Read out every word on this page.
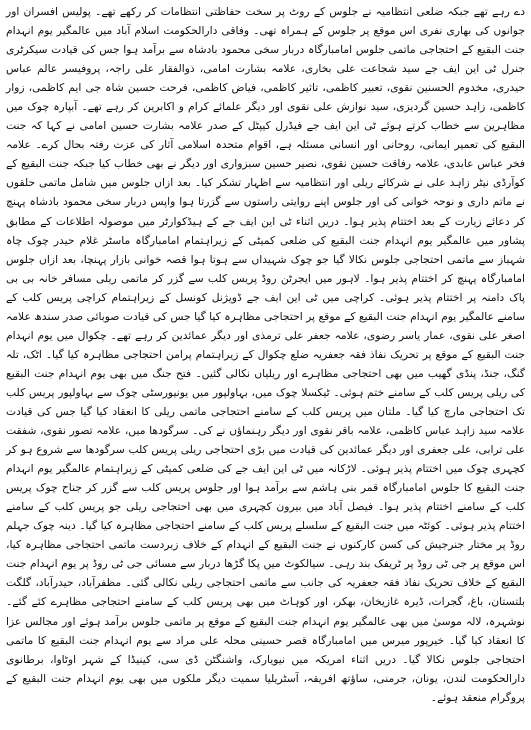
دے رہے تھے جبکہ ضلعی انتظامیہ نے جلوس کے روٹ پر سخت حفاظتی انتظامات کر رکھے تھے۔ پولیس افسران اور جوانوں کی بھاری نفری اس موقع پر جلوس کے ہمراہ تھی۔ وفاقی دارالحکومت اسلام آباد میں عالمگیر یوم انہدام جنت البقیع کے احتجاجی ماتمی جلوس امامبارگاہ دربار سخی محمود بادشاہ سے برآمد ہوا جس کی قیادت سیکرٹری جنرل ٹی این ایف جے سید شجاعت علی بخاری، علامہ بشارت امامی، ذوالفقار علی راجہ، پروفیسر عالم عباس حیدری، مخدوم الحسنین نقوی، تعبیر کاظمی، تاثیر کاظمی، فیاض کاظمی، فرحت حسین شاہ جی ایم کاظمی، زوار کاظمی، زاہد حسین گردیزی، سید نوازش علی نقوی اور دیگر علمائے کرام و اکابرین کر رہے تھے۔ آبپارہ چوک میں مظاہرین سے خطاب کرتے ہوئے ٹی این ایف جے فیڈرل کیپٹل کے صدر علامہ بشارت حسین امامی نے کہا کہ جنت البقیع کی تعمیر ایمانی، روحانی اور انسانی مسئلہ ہے، اقوام متحدہ اسلامی آثار کی عزت رفتہ بحال کرے۔ علامہ فخر عباس عابدی، علامہ رفاقت حسین نقوی، نصیر حسین سبزواری اور دیگر نے بھی خطاب کیا جبکہ جنت البقیع کے کوآرڈی نیٹر زاہد علی نے شرکائے ریلی اور انتظامیہ سے اظہار تشکر کیا۔ بعد ازاں جلوس میں شامل ماتمی حلقوں نے ماتم داری و نوحہ خوانی کی اور جلوس اپنے روایتی راستوں سے گزرتا ہوا واپس دربار سخی محمود بادشاہ پہنچ کر دعائے زیارت کے بعد اختتام پذیر ہوا۔ دریں اثناء ٹی این ایف جے کے ہیڈکوارٹر میں موصولہ اطلاعات کے مطابق پشاور میں عالمگیر یوم انہدام جنت البقیع کی ضلعی کمیٹی کے زیراہتمام امامبارگاہ ماسٹر غلام حیدر چوک چاہ شہباز سے ماتمی احتجاجی جلوس نکالا گیا جو چوک شہیداں سے ہوتا ہوا قصہ خوانی بازار پہنچا، بعد ازاں جلوس امامبارگاہ پہنچ کر اختتام پذیر ہوا۔ لاہور میں ایجرٹن روڈ پریس کلب سے گزر کر ماتمی ریلی مسافر خانہ بی بی پاک دامنہ پر اختتام پذیر ہوئی۔ کراچی میں ٹی این ایف جے ڈویژنل کونسل کے زیراہتمام کراچی پریس کلب کے سامنے عالمگیر یوم انہدام جنت البقیع کے موقع پر احتجاجی مظاہرہ کیا گیا جس کی قیادت صوبائی صدر سندھ علامہ اصغر علی نقوی، عمار یاسر رضوی، علامہ جعفر علی ترمذی اور دیگر عمائدین کر رہے تھے۔ چکوال میں یوم انہدام جنت البقیع کے موقع پر تحریک نفاذ فقہ جعفریہ ضلع چکوال کے زیراہتمام پرامن احتجاجی مظاہرہ کیا گیا۔ اٹک، تلہ گنگ، جنڈ، پنڈی گھیب میں بھی احتجاجی مظاہرے اور ریلیاں نکالی گئیں۔ فتح جنگ میں بھی یوم انہدام جنت البقیع کی ریلی پریس کلب کے سامنے ختم ہوئی۔ ٹیکسلا چوک میں، بہاولپور میں یونیورسٹی چوک سے بہاولپور پریس کلب تک احتجاجی مارچ کیا گیا۔ ملتان میں پریس کلب کے سامنے احتجاجی ماتمی ریلی کا انعقاد کیا گیا جس کی قیادت علامہ سید زاہد عباس کاظمی، علامہ باقر نقوی اور دیگر رہنماؤں نے کی۔ سرگودھا میں، علامہ تصور نقوی، شفقت علی ترابی، علی جعفری اور دیگر عمائدین کی قیادت میں بڑی احتجاجی ریلی پریس کلب سرگودھا سے شروع ہو کر کچہری چوک میں اختتام پذیر ہوئی۔ لاڑکانہ میں ٹی این ایف جے کی ضلعی کمیٹی کے زیراہتمام عالمگیر یوم انہدام جنت البقیع کا جلوس امامبارگاہ قمر بنی ہاشم سے برآمد ہوا اور جلوس پریس کلب سے گزر کر جناح چوک پریس کلب کے سامنے اختتام پذیر ہوا۔ فیصل آباد میں بیرون کچہری میں بھی احتجاجی ریلی جو پریس کلب کے سامنے اختتام پذیر ہوئی۔ کوئٹہ میں جنت البقیع کے سلسلے پریس کلب کے سامنے احتجاجی مظاہرہ کیا گیا۔ دینہ چوک جہلم روڈ پر مختار جنرجیش کی کسن کارکنوں نے جنت البقیع کے انہدام کے خلاف زبردست ماتمی احتجاجی مظاہرہ کیا، اس موقع پر جی ٹی روڈ پر ٹریفک بند رہی۔ سیالکوٹ میں پکا گڑھا دربار سے مسائی جی ٹی روڈ پر یوم انہدام جنت البقیع کے خلاف تحریک نفاذ فقہ جعفریہ کی جانب سے ماتمی احتجاجی ریلی نکالی گئی۔ مظفرآباد، حیدرآباد، گلگت بلتستان، باغ، گجرات، ڈیرہ غازیخان، بھکر، اور کوہاٹ میں بھی پریس کلب کے سامنے احتجاجی مظاہرے کئے گئے۔ نوشہرہ، لالہ موسیٰ میں بھی عالمگیر یوم انہدام جنت البقیع کے موقع پر ماتمی جلوس برآمد ہوئے اور مجالس عزا کا انعقاد کیا گیا۔ خیرپور میرس میں امامبارگاہ قصر حسینی محلہ علی مراد سے یوم انہدام جنت البقیع کا ماتمی احتجاجی جلوس نکالا گیا۔ دریں اثناء امریکہ میں نیویارک، واشنگٹن ڈی سی، کینیڈا کے شہر اوٹاوا، برطانوی دارالحکومت لندن، یونان، جرمنی، ساؤتھ افریقہ، آسٹریلیا سمیت دیگر ملکوں میں بھی یوم انہدام جنت البقیع کے پروگرام منعقد ہوئے۔
